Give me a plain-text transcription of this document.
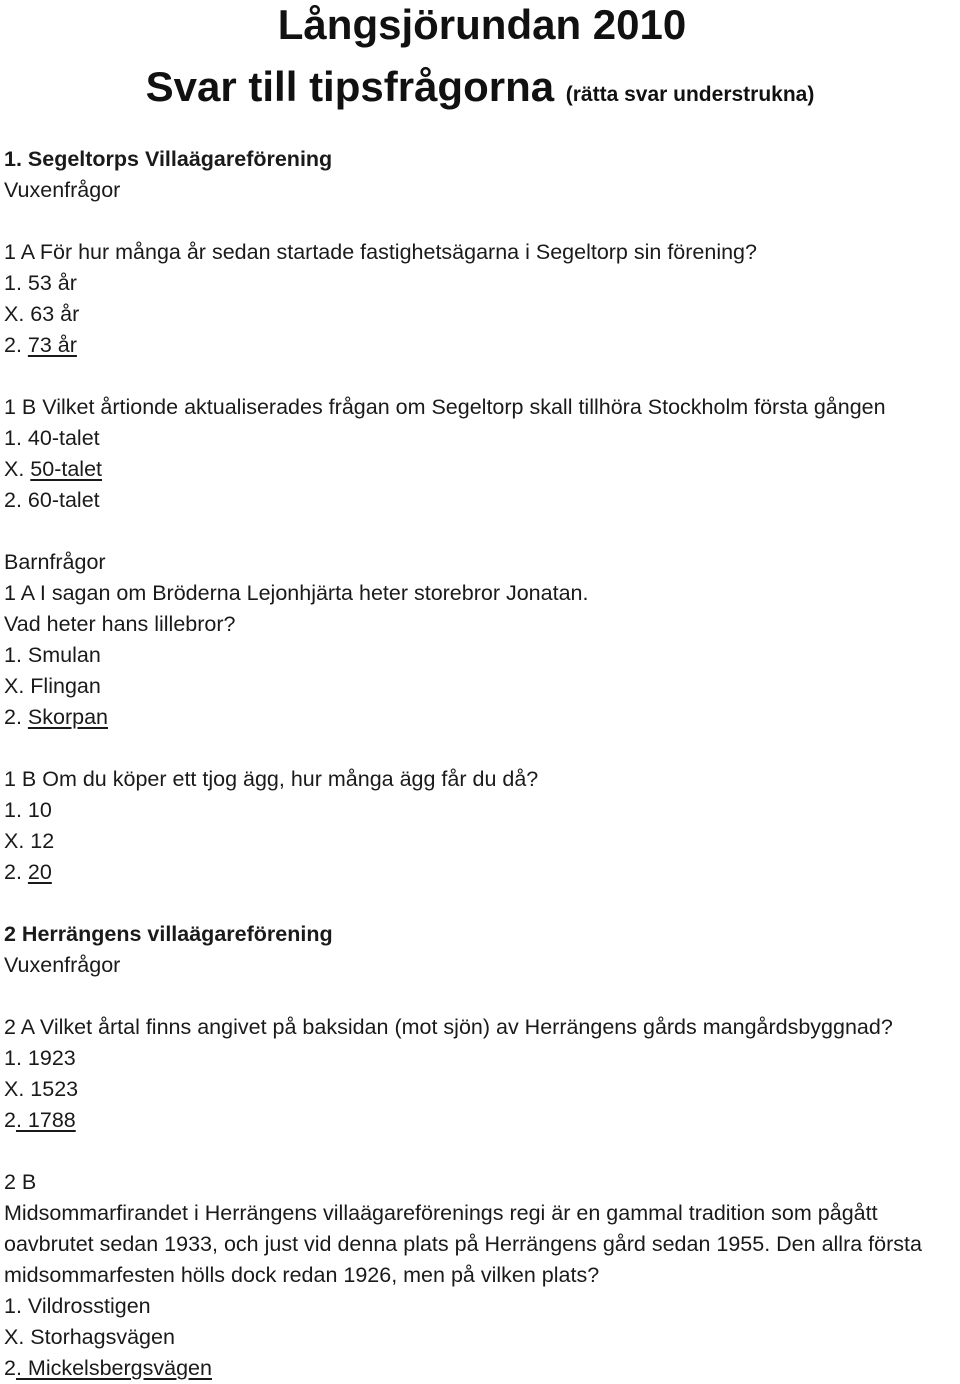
Långsjörundan 2010
Svar till tipsfrågorna (rätta svar understrukna)
1. Segeltorps Villaägareförening
Vuxenfrågor
1 A För hur många år sedan startade fastighetsägarna i Segeltorp sin förening?
1. 53 år
X. 63 år
2. 73 år
1 B Vilket årtionde aktualiserades frågan om Segeltorp skall tillhöra Stockholm första gången
1. 40-talet
X. 50-talet
2. 60-talet
Barnfrågor
1 A I sagan om Bröderna Lejonhjärta heter storebror Jonatan.
Vad heter hans lillebror?
1. Smulan
X. Flingan
2. Skorpan
1 B Om du köper ett tjog ägg, hur många ägg får du då?
1. 10
X. 12
2. 20
2 Herrängens villaägareförening
Vuxenfrågor
2 A Vilket årtal finns angivet på baksidan (mot sjön) av Herrängens gårds mangårdsbyggnad?
1. 1923
X. 1523
2. 1788
2 B
Midsommarfirandet i Herrängens villaägareförenings regi är en gammal tradition som pågått oavbrutet sedan 1933, och just vid denna plats på Herrängens gård sedan 1955. Den allra första midsommarfesten hölls dock redan 1926, men på vilken plats?
1. Vildrosstigen
X. Storhagsvägen
2. Mickelsbergsvägen
